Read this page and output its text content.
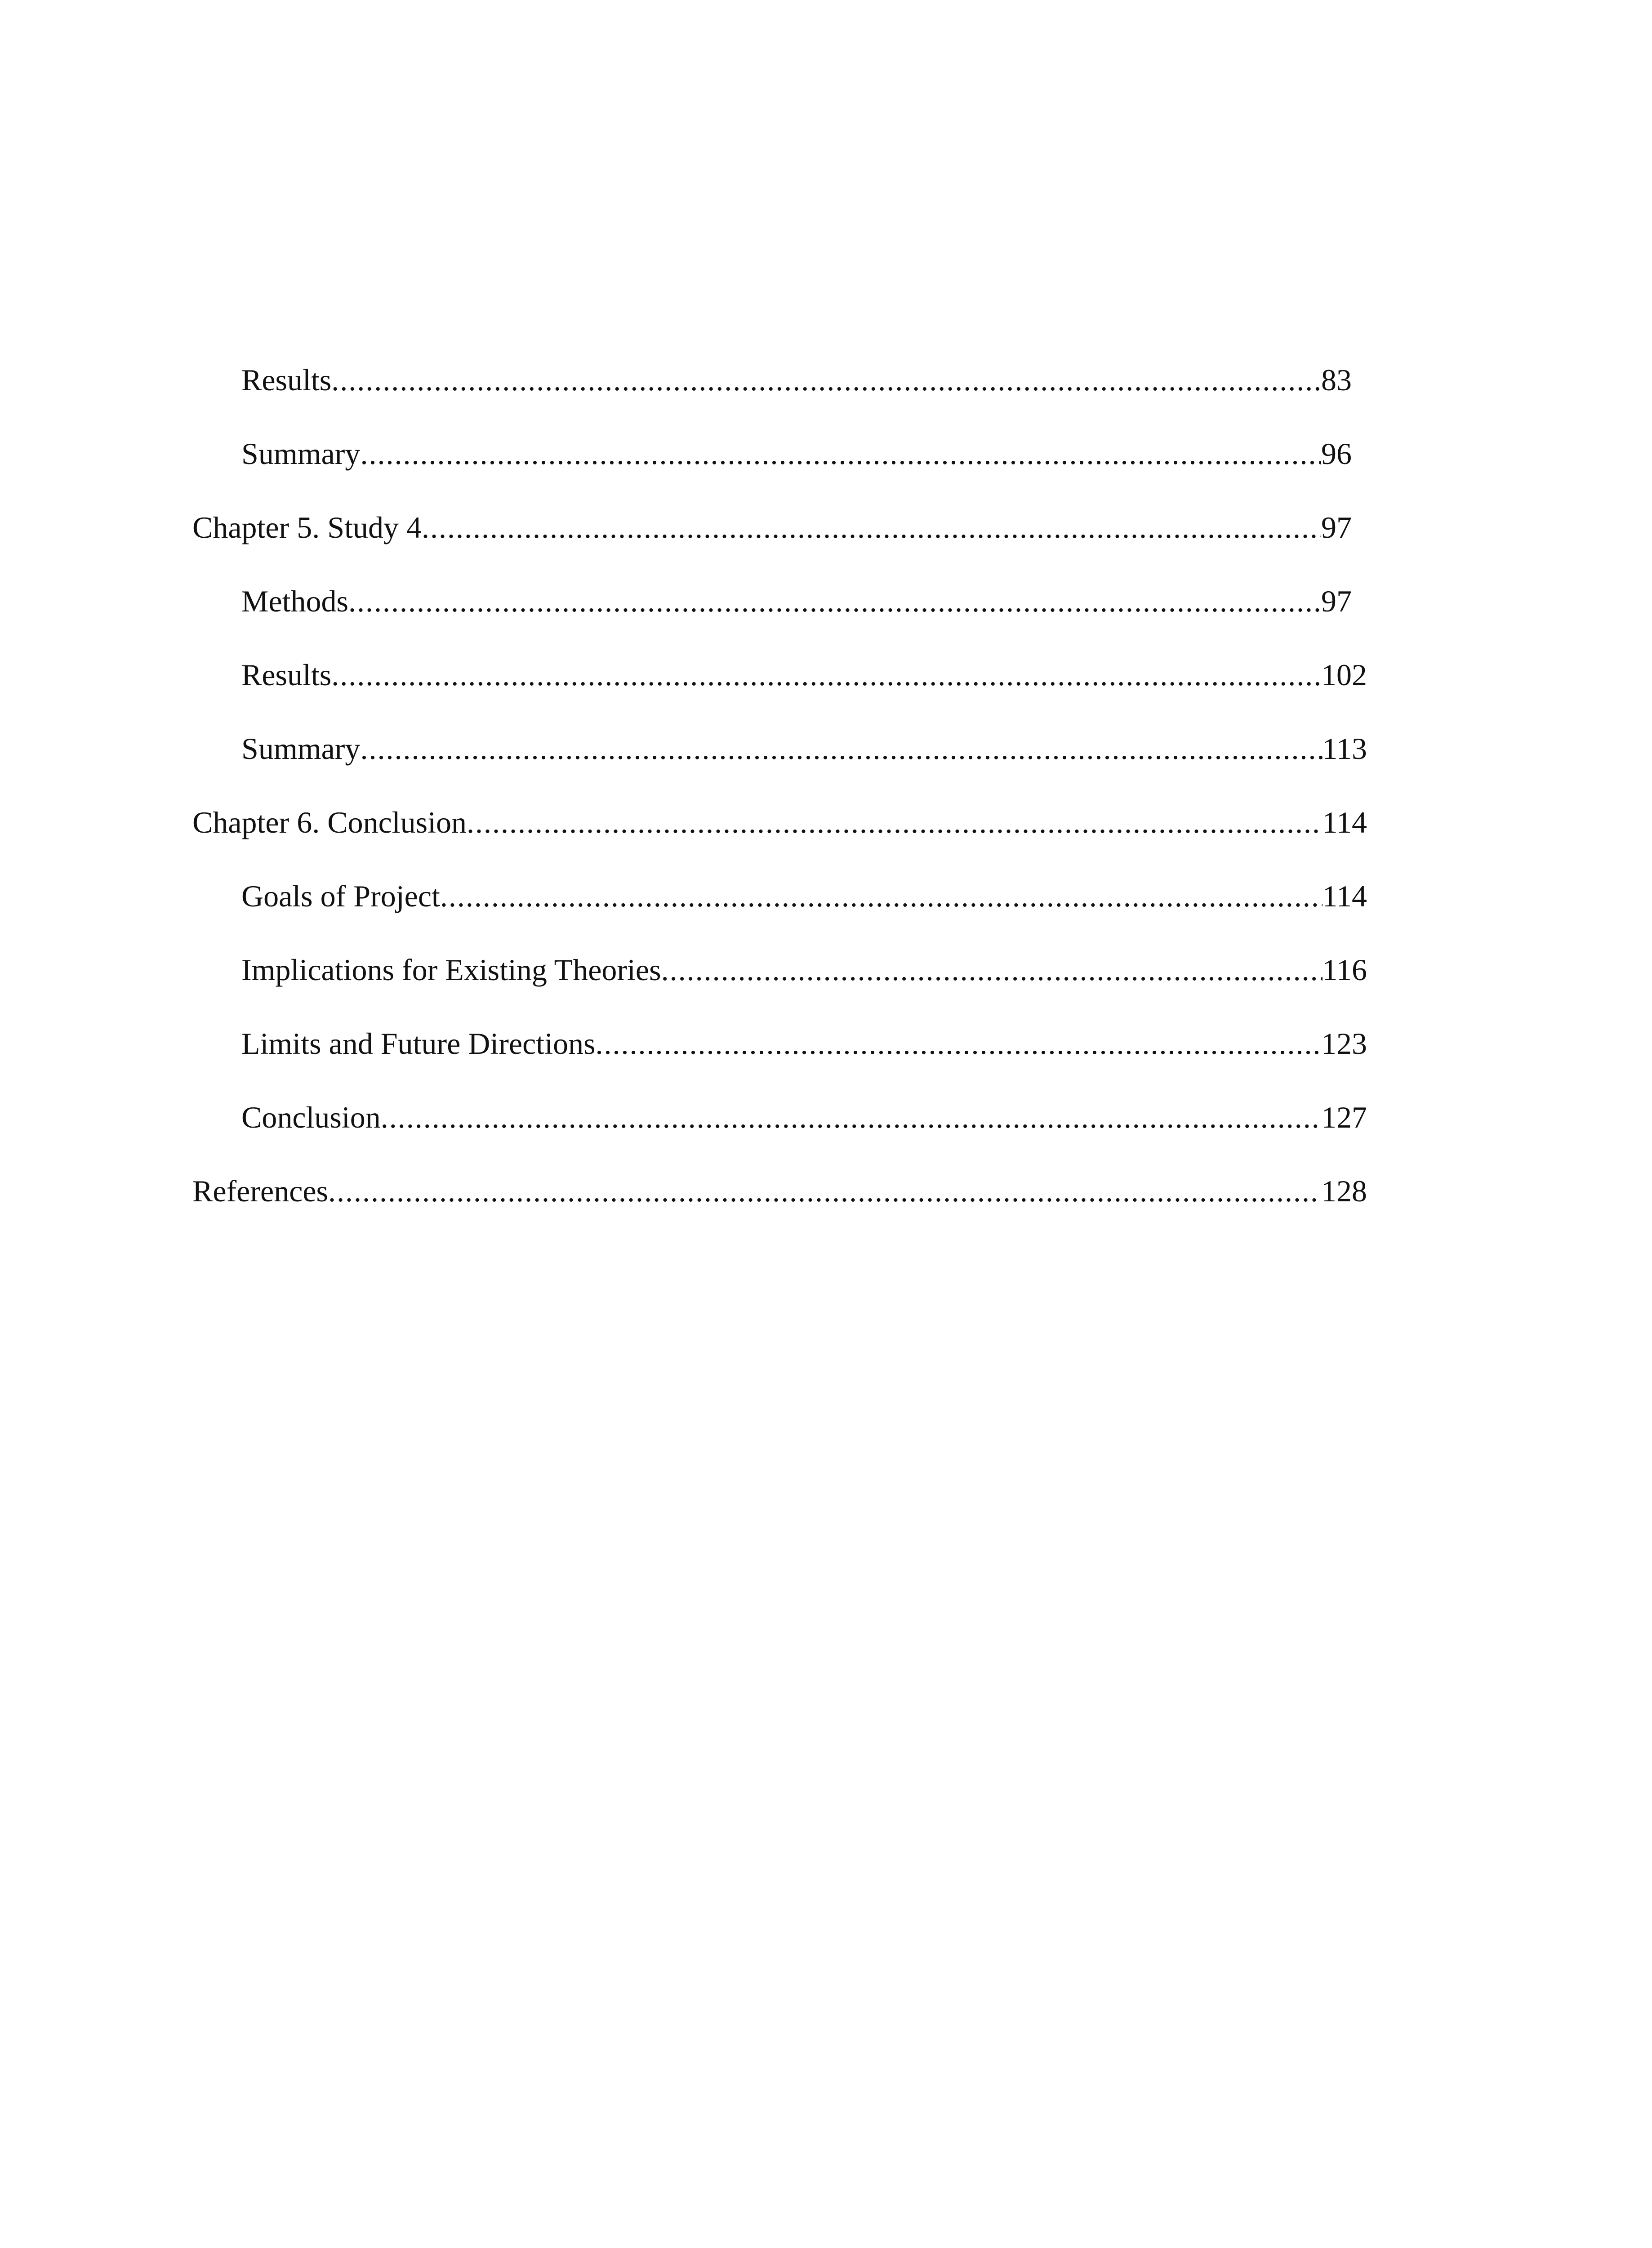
Results .....	83
Summary .....	96
Chapter 5. Study 4 .....	97
Methods .....	97
Results .....	102
Summary .....	113
Chapter 6. Conclusion .....	114
Goals of Project .....	114
Implications for Existing Theories .....	116
Limits and Future Directions .....	123
Conclusion .....	127
References .....	128
